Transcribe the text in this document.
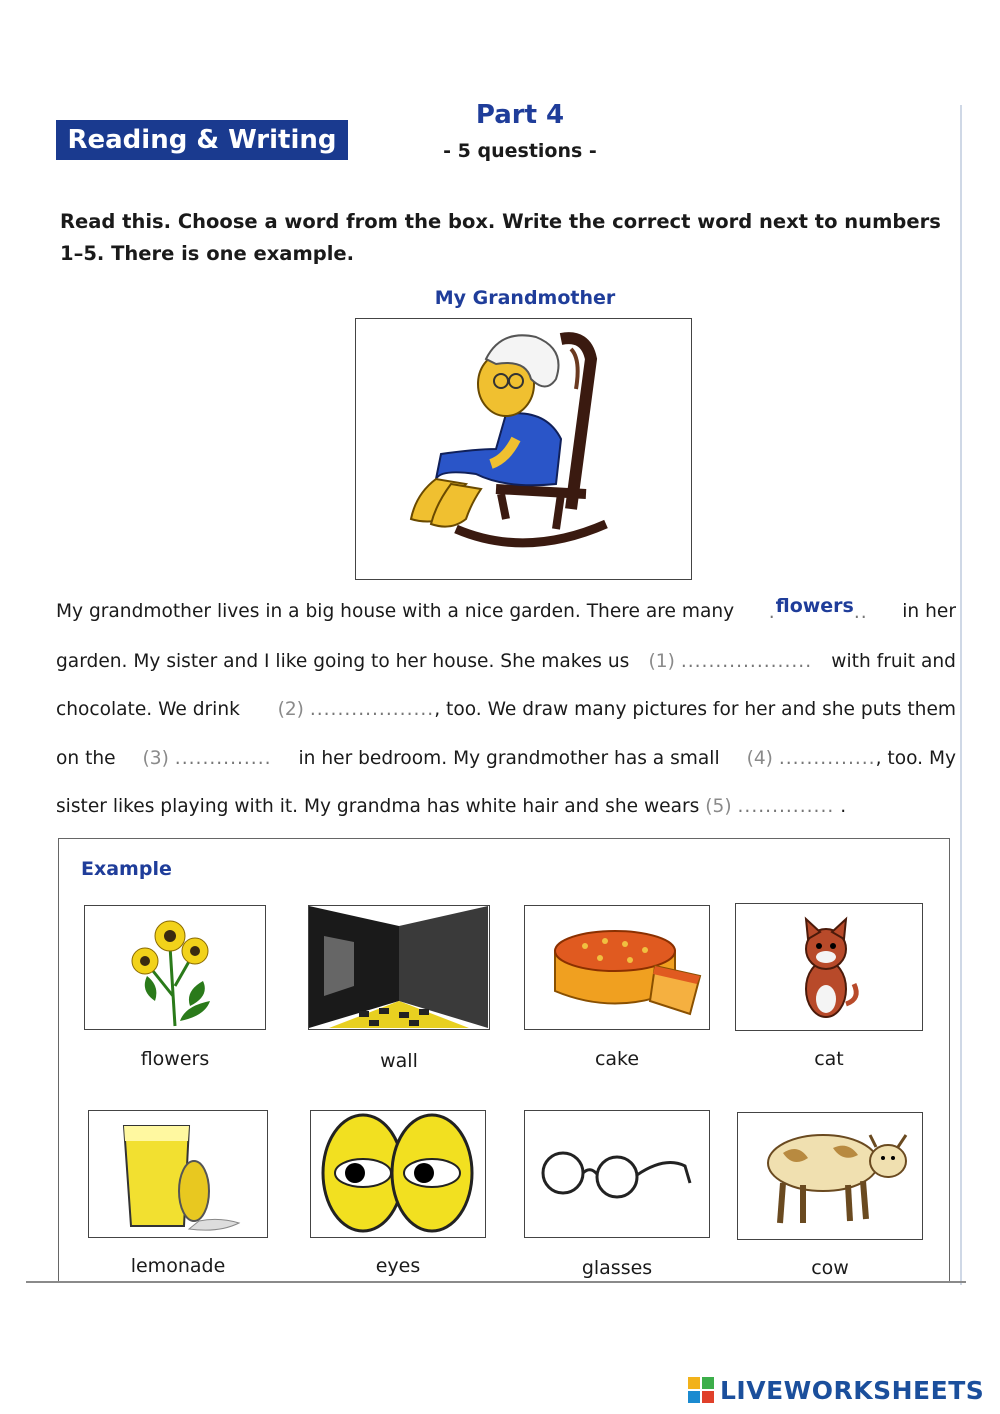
Reading & Writing
Part 4
- 5 questions -
Read this. Choose a word from the box. Write the correct word next to numbers 1–5. There is one example.
My Grandmother
My grandmother lives in a big house with a nice garden. There are many .flowers.. in her
garden. My sister and I like going to her house. She makes us (1) ................... with fruit and
chocolate. We drink (2) .................., too. We draw many pictures for her and she puts them
on the (3) .............. in her bedroom. My grandmother has a small (4) .............., too. My
sister likes playing with it. My grandma has white hair and she wears
(5)
..............
.
Example
flowers	wall	cake	cat
lemonade	eyes	glasses	cow
LIVEWORKSHEETS
